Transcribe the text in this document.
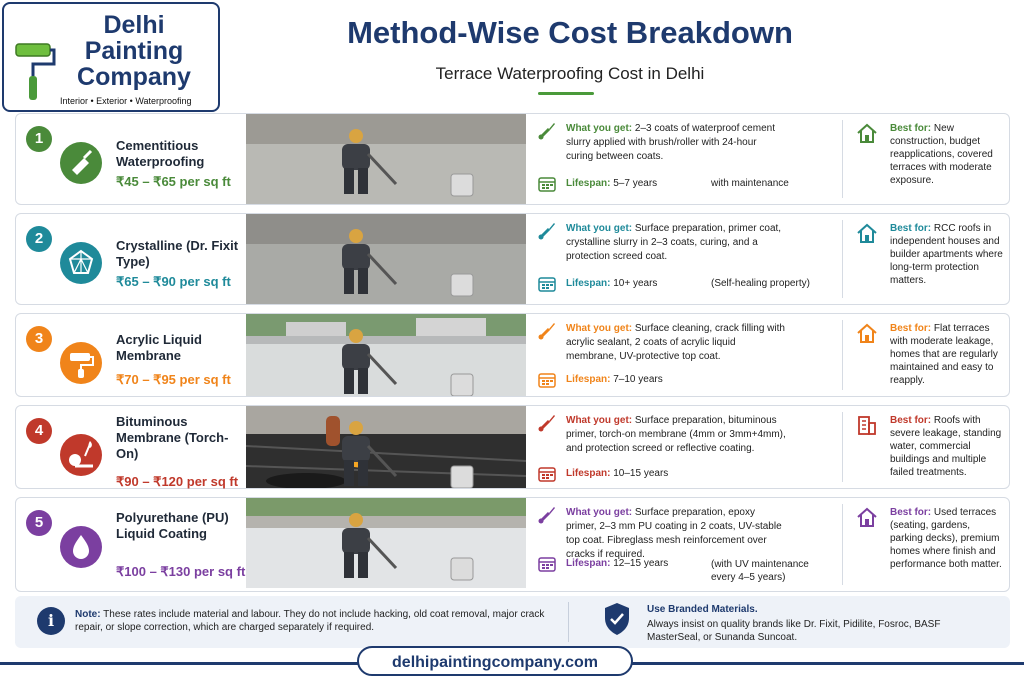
Delhi
Painting
Company
Interior • Exterior • Waterproofing
Method-Wise Cost Breakdown
Terrace Waterproofing Cost in Delhi
1	Cementitious Waterproofing
₹45 – ₹65 per sq ft
What you get: 2–3 coats of waterproof cement slurry applied with brush/roller with 24-hour curing between coats.
Lifespan: 5–7 years	with maintenance
Best for: New construction, budget reapplications, covered terraces with moderate exposure.
2	Crystalline (Dr. Fixit Type)
₹65 – ₹90 per sq ft
What you get: Surface preparation, primer coat, crystalline slurry in 2–3 coats, curing, and a protection screed coat.
Lifespan: 10+ years	(Self-healing property)
Best for: RCC roofs in independent houses and builder apartments where long-term protection matters.
3	Acrylic Liquid Membrane
₹70 – ₹95 per sq ft
What you get: Surface cleaning, crack filling with acrylic sealant, 2 coats of acrylic liquid membrane, UV-protective top coat.
Lifespan: 7–10 years
Best for: Flat terraces with moderate leakage, homes that are regularly maintained and easy to reapply.
4
Bituminous Membrane (Torch-On)
₹90 – ₹120 per sq ft
What you get: Surface preparation, bituminous primer, torch-on membrane (4mm or 3mm+4mm), and protection screed or reflective coating.
Lifespan: 10–15 years
Best for: Roofs with severe leakage, standing water, commercial buildings and multiple failed treatments.
5	Polyurethane (PU) Liquid Coating
₹100 – ₹130 per sq ft
What you get: Surface preparation, epoxy primer, 2–3 mm PU coating in 2 coats, UV-stable top coat. Fibreglass mesh reinforcement over cracks if required.
Lifespan: 12–15 years	(with UV maintenance every 4–5 years)
Best for: Used terraces (seating, gardens, parking decks), premium homes where finish and performance both matter.
i	Note: These rates include material and labour. They do not include hacking, old coat removal, major crack repair, or slope correction, which are charged separately if required.
Use Branded Materials.
Always insist on quality brands like Dr. Fixit, Pidilite, Fosroc, BASF MasterSeal, or Sunanda Suncoat.
delhipaintingcompany.com
